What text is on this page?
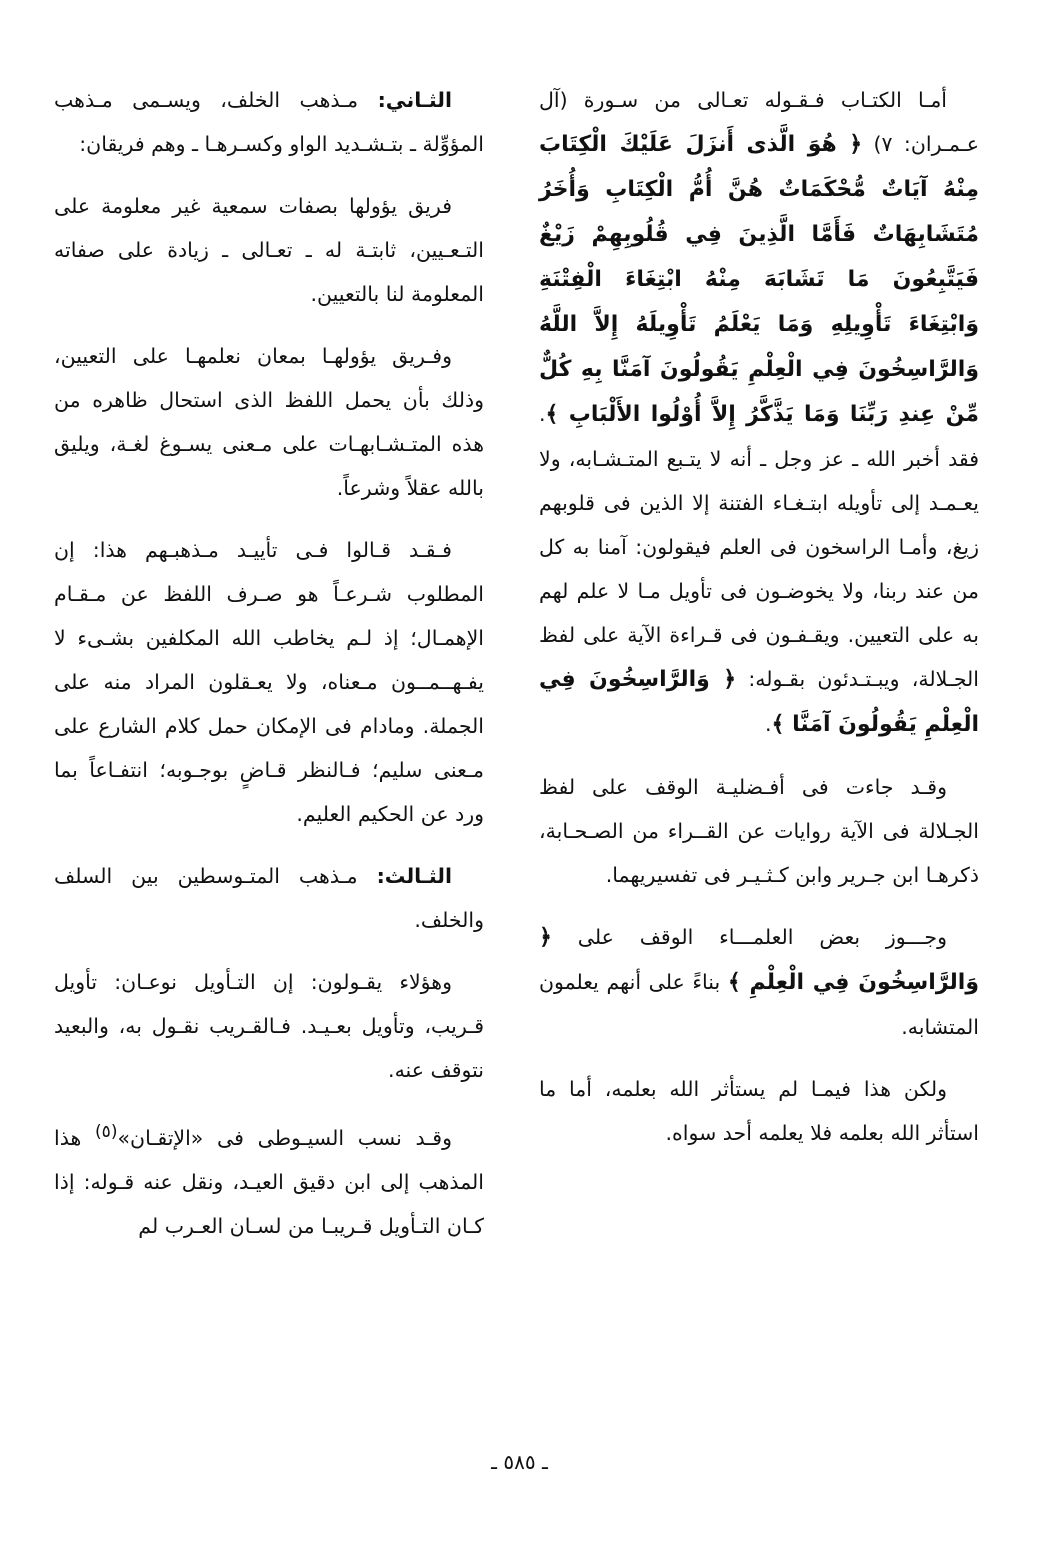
أمـا الكتـاب فـقـوله تعـالى من سـورة (آل عـمـران: ٧) ﴿ هُوَ الَّذى أَنزَلَ عَلَيْكَ الْكِتَابَ مِنْهُ آيَاتٌ مُّحْكَمَاتٌ هُنَّ أُمُّ الْكِتَابِ وَأُخَرُ مُتَشَابِهَاتٌ فَأَمَّا الَّذِينَ فِي قُلُوبِهِمْ زَيْغٌ فَيَتَّبِعُونَ مَا تَشَابَهَ مِنْهُ ابْتِغَاءَ الْفِتْنَةِ وَابْتِغَاءَ تَأْوِيلِهِ وَمَا يَعْلَمُ تَأْوِيلَهُ إِلاَّ اللَّهُ وَالرَّاسِخُونَ فِي الْعِلْمِ يَقُولُونَ آمَنَّا بِهِ كُلٌّ مِّنْ عِندِ رَبِّنَا وَمَا يَذَّكَّرُ إِلاَّ أُوْلُوا الأَلْبَابِ ﴾. فقد أخبر الله ـ عز وجل ـ أنه لا يتـبع المتـشـابه، ولا يعـمـد إلى تأويله ابتـغـاء الفتنة إلا الذين فى قلوبهم زيغ، وأمـا الراسخون فى العلم فيقولون: آمنا به كل من عند ربنا، ولا يخوضـون فى تأويل مـا لا علم لهم به على التعيين. ويقـفـون فى قـراءة الآية على لفظ الجـلالة، ويبـتـدئون بقـوله: ﴿ وَالرَّاسِخُونَ فِي الْعِلْمِ يَقُولُونَ آمَنَّا ﴾.

وقـد جاءت فى أفـضليـة الوقف على لفظ الجـلالة فى الآية روايات عن القــراء من الصـحـابة، ذكرهـا ابن جـرير وابن كـثـيـر فى تفسيريهما.

وجـــوز بعض العلمـــاء الوقف على ﴿ وَالرَّاسِخُونَ فِي الْعِلْمِ ﴾ بناءً على أنهم يعلمون المتشابه.

ولكن هذا فيمـا لم يستأثر الله بعلمه، أما ما استأثر الله بعلمه فلا يعلمه أحد سواه.

الثـاني: مـذهب الخلف، ويسـمى مـذهب المؤوِّلة ـ بتـشـديد الواو وكسـرهـا ـ وهم فريقان:

فريق يؤولها بصفات سمعية غير معلومة على التـعـيين، ثابتـة له ـ تعـالى ـ زيادة على صفاته المعلومة لنا بالتعيين.

وفـريق يؤولهـا بمعان نعلمهـا على التعيين، وذلك بأن يحمل اللفظ الذى استحال ظاهره من هذه المتـشـابهـات على مـعنى يسـوغ لغـة، ويليق بالله عقلاً وشرعاً.

فـقـد قـالوا فـى تأييـد مـذهبـهم هذا: إن المطلوب شـرعـاً هو صـرف اللفظ عن مـقـام الإهمـال؛ إذ لـم يخاطب الله المكلفين بشـىء لا يفـهــمــون مـعناه، ولا يعـقلون المراد منه على الجملة. ومادام فى الإمكان حمل كلام الشارع على مـعنى سليم؛ فـالنظر قـاضٍ بوجـوبه؛ انتفـاعاً بما ورد عن الحكيم العليم.

الثـالث: مـذهب المتـوسطين بين السلف والخلف.

وهؤلاء يقـولون: إن التـأويل نوعـان: تأويل قـريب، وتأويل بعـيـد. فـالقـريب نقـول به، والبعيد نتوقف عنه.

وقـد نسب السيـوطى فى «الإتقـان»$^{(٥)}$ هذا المذهب إلى ابن دقيق العيـد، ونقل عنه قـوله: إذا كـان التـأويل قـريبـا من لسـان العـرب لم

ـ ٥٨٥ ـ
